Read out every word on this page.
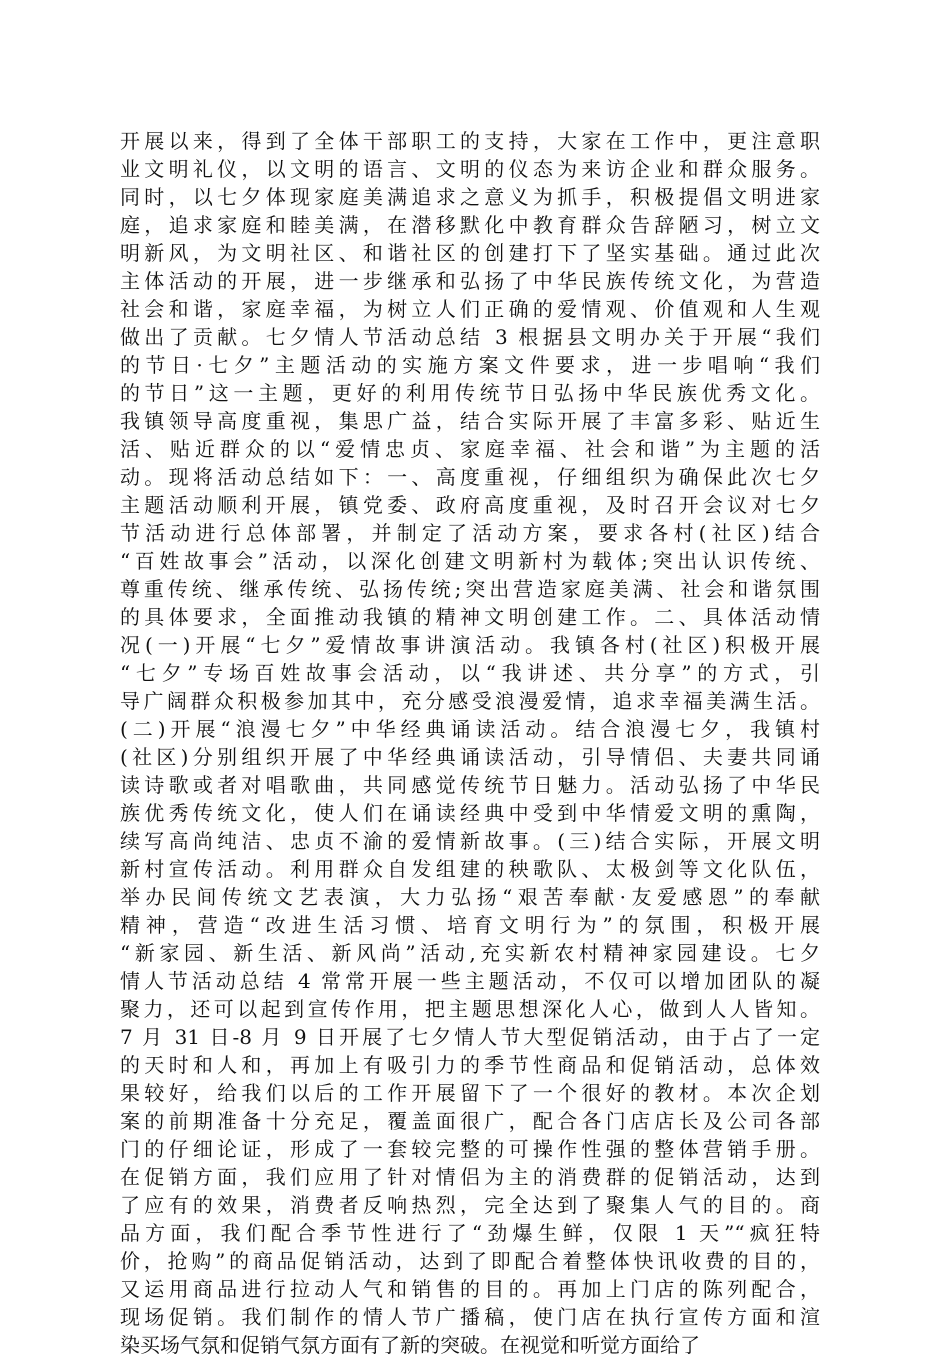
开展以来，得到了全体干部职工的支持，大家在工作中，更注意职
业文明礼仪，以文明的语言、文明的仪态为来访企业和群众服务。
同时，以七夕体现家庭美满追求之意义为抓手，积极提倡文明进家
庭，追求家庭和睦美满，在潜移默化中教育群众告辞陋习，树立文
明新风，为文明社区、和谐社区的创建打下了坚实基础。通过此次
主体活动的开展，进一步继承和弘扬了中华民族传统文化，为营造
社会和谐，家庭幸福，为树立人们正确的爱情观、价值观和人生观
做出了贡献。七夕情人节活动总结 3 根据县文明办关于开展“我们
的节日·七夕”主题活动的实施方案文件要求，进一步唱响“我们
的节日”这一主题，更好的利用传统节日弘扬中华民族优秀文化。
我镇领导高度重视，集思广益，结合实际开展了丰富多彩、贴近生
活、贴近群众的以“爱情忠贞、家庭幸福、社会和谐”为主题的活
动。现将活动总结如下：一、高度重视，仔细组织为确保此次七夕
主题活动顺利开展，镇党委、政府高度重视，及时召开会议对七夕
节活动进行总体部署，并制定了活动方案，要求各村(社区)结合
“百姓故事会”活动，以深化创建文明新村为载体;突出认识传统、
尊重传统、继承传统、弘扬传统;突出营造家庭美满、社会和谐氛围
的具体要求，全面推动我镇的精神文明创建工作。二、具体活动情
况(一)开展“七夕”爱情故事讲演活动。我镇各村(社区)积极开展
“七夕”专场百姓故事会活动，以“我讲述、共分享”的方式，引
导广阔群众积极参加其中，充分感受浪漫爱情，追求幸福美满生活。
(二)开展“浪漫七夕”中华经典诵读活动。结合浪漫七夕，我镇村
(社区)分别组织开展了中华经典诵读活动，引导情侣、夫妻共同诵
读诗歌或者对唱歌曲，共同感觉传统节日魅力。活动弘扬了中华民
族优秀传统文化，使人们在诵读经典中受到中华情爱文明的熏陶，
续写高尚纯洁、忠贞不渝的爱情新故事。(三)结合实际，开展文明
新村宣传活动。利用群众自发组建的秧歌队、太极剑等文化队伍，
举办民间传统文艺表演，大力弘扬“艰苦奉献·友爱感恩”的奉献
精神，营造“改进生活习惯、培育文明行为”的氛围，积极开展
“新家园、新生活、新风尚”活动,充实新农村精神家园建设。七夕
情人节活动总结 4 常常开展一些主题活动，不仅可以增加团队的凝
聚力，还可以起到宣传作用，把主题思想深化人心，做到人人皆知。
7 月 31 日-8 月 9 日开展了七夕情人节大型促销活动，由于占了一定
的天时和人和，再加上有吸引力的季节性商品和促销活动，总体效
果较好，给我们以后的工作开展留下了一个很好的教材。本次企划
案的前期准备十分充足，覆盖面很广，配合各门店店长及公司各部
门的仔细论证，形成了一套较完整的可操作性强的整体营销手册。
在促销方面，我们应用了针对情侣为主的消费群的促销活动，达到
了应有的效果，消费者反响热烈，完全达到了聚集人气的目的。商
品方面，我们配合季节性进行了“劲爆生鲜，仅限 1 天”“疯狂特
价，抢购”的商品促销活动，达到了即配合着整体快讯收费的目的，
又运用商品进行拉动人气和销售的目的。再加上门店的陈列配合，
现场促销。我们制作的情人节广播稿，使门店在执行宣传方面和渲
染买场气氛和促销气氛方面有了新的突破。在视觉和听觉方面给了
